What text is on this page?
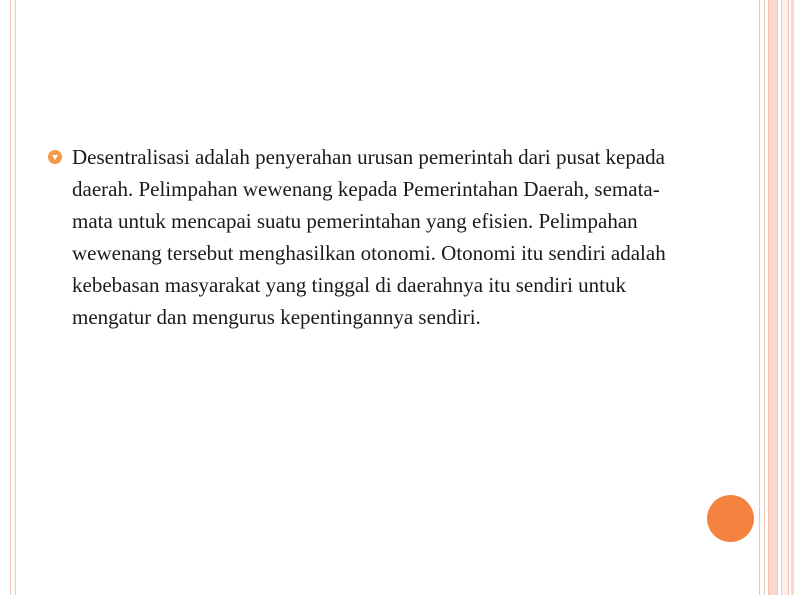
Desentralisasi adalah penyerahan urusan pemerintah dari pusat kepada daerah. Pelimpahan wewenang kepada Pemerintahan Daerah, semata- mata untuk mencapai suatu pemerintahan yang efisien. Pelimpahan wewenang tersebut menghasilkan otonomi. Otonomi itu sendiri adalah kebebasan masyarakat yang tinggal di daerahnya itu sendiri untuk mengatur dan mengurus kepentingannya sendiri.
